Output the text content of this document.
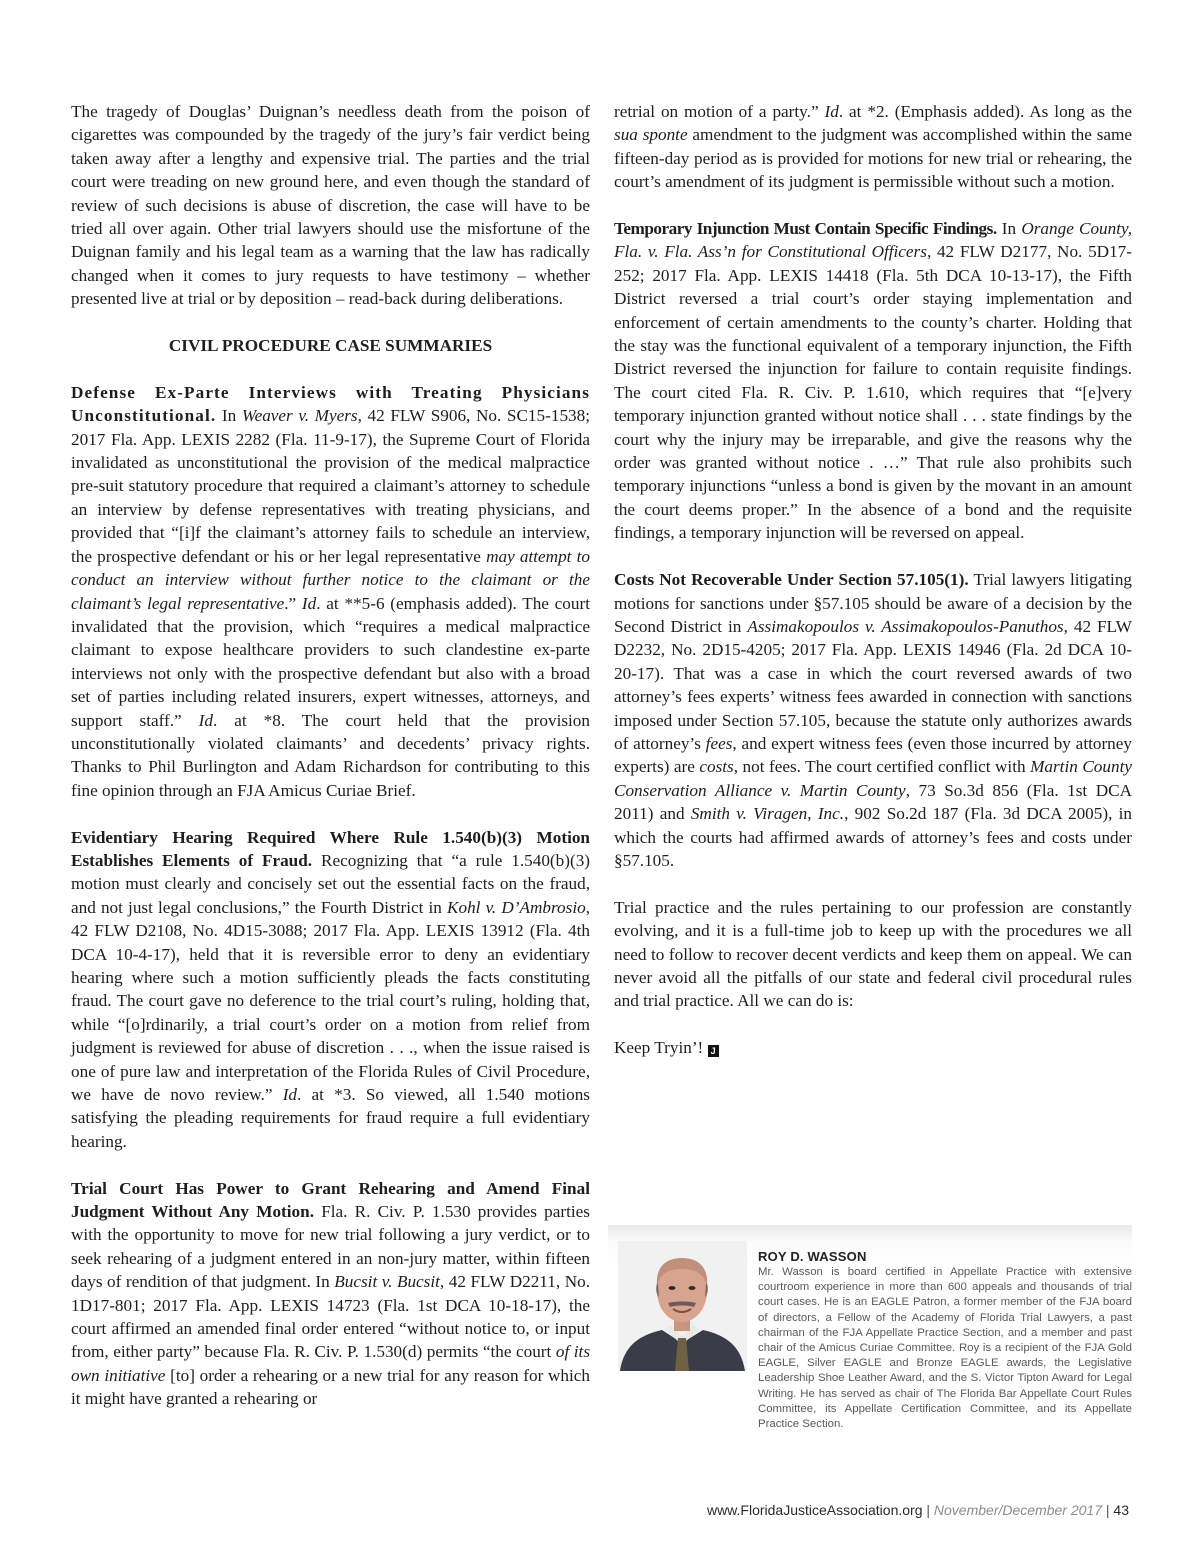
The tragedy of Douglas’ Duignan’s needless death from the poison of cigarettes was compounded by the tragedy of the jury’s fair verdict being taken away after a lengthy and expensive trial. The parties and the trial court were treading on new ground here, and even though the standard of review of such decisions is abuse of discretion, the case will have to be tried all over again. Other trial lawyers should use the misfortune of the Duignan family and his legal team as a warning that the law has radically changed when it comes to jury requests to have testimony – whether presented live at trial or by deposition – read-back during deliberations.

CIVIL PROCEDURE CASE SUMMARIES

Defense Ex-Parte Interviews with Treating Physicians Unconstitutional. In Weaver v. Myers, 42 FLW S906, No. SC15-1538; 2017 Fla. App. LEXIS 2282 (Fla. 11-9-17), the Supreme Court of Florida invalidated as unconstitutional the provision of the medical malpractice pre-suit statutory procedure that required a claimant’s attorney to schedule an interview by defense representatives with treating physicians, and provided that “[i]f the claimant’s attorney fails to schedule an interview, the prospective defendant or his or her legal representative may attempt to conduct an interview without further notice to the claimant or the claimant’s legal representative.” Id. at **5-6 (emphasis added). The court invalidated that the provision, which “requires a medical malpractice claimant to expose healthcare providers to such clandestine ex-parte interviews not only with the prospective defendant but also with a broad set of parties including related insurers, expert witnesses, attorneys, and support staff.” Id. at *8. The court held that the provision unconstitutionally violated claimants’ and decedents’ privacy rights. Thanks to Phil Burlington and Adam Richardson for contributing to this fine opinion through an FJA Amicus Curiae Brief.

Evidentiary Hearing Required Where Rule 1.540(b)(3) Motion Establishes Elements of Fraud. Recognizing that “a rule 1.540(b)(3) motion must clearly and concisely set out the essential facts on the fraud, and not just legal conclusions,” the Fourth District in Kohl v. D’Ambrosio, 42 FLW D2108, No. 4D15-3088; 2017 Fla. App. LEXIS 13912 (Fla. 4th DCA 10-4-17), held that it is reversible error to deny an evidentiary hearing where such a motion sufficiently pleads the facts constituting fraud. The court gave no deference to the trial court’s ruling, holding that, while “[o]rdinarily, a trial court’s order on a motion from relief from judgment is reviewed for abuse of discretion . . ., when the issue raised is one of pure law and interpretation of the Florida Rules of Civil Procedure, we have de novo review.” Id. at *3. So viewed, all 1.540 motions satisfying the pleading requirements for fraud require a full evidentiary hearing.

Trial Court Has Power to Grant Rehearing and Amend Final Judgment Without Any Motion. Fla. R. Civ. P. 1.530 provides parties with the opportunity to move for new trial following a jury verdict, or to seek rehearing of a judgment entered in an non-jury matter, within fifteen days of rendition of that judgment. In Bucsit v. Bucsit, 42 FLW D2211, No. 1D17-801; 2017 Fla. App. LEXIS 14723 (Fla. 1st DCA 10-18-17), the court affirmed an amended final order entered “without notice to, or input from, either party” because Fla. R. Civ. P. 1.530(d) permits “the court of its own initiative [to] order a rehearing or a new trial for any reason for which it might have granted a rehearing or

retrial on motion of a party.” Id. at *2. (Emphasis added). As long as the sua sponte amendment to the judgment was accomplished within the same fifteen-day period as is provided for motions for new trial or rehearing, the court’s amendment of its judgment is permissible without such a motion.

Temporary Injunction Must Contain Specific Findings. In Orange County, Fla. v. Fla. Ass’n for Constitutional Officers, 42 FLW D2177, No. 5D17-252; 2017 Fla. App. LEXIS 14418 (Fla. 5th DCA 10-13-17), the Fifth District reversed a trial court’s order staying implementation and enforcement of certain amendments to the county’s charter. Holding that the stay was the functional equivalent of a temporary injunction, the Fifth District reversed the injunction for failure to contain requisite findings. The court cited Fla. R. Civ. P. 1.610, which requires that “[e]very temporary injunction granted without notice shall . . . state findings by the court why the injury may be irreparable, and give the reasons why the order was granted without notice . …” That rule also prohibits such temporary injunctions “unless a bond is given by the movant in an amount the court deems proper.” In the absence of a bond and the requisite findings, a temporary injunction will be reversed on appeal.

Costs Not Recoverable Under Section 57.105(1). Trial lawyers litigating motions for sanctions under §57.105 should be aware of a decision by the Second District in Assimakopoulos v. Assimakopoulos-Panuthos, 42 FLW D2232, No. 2D15-4205; 2017 Fla. App. LEXIS 14946 (Fla. 2d DCA 10-20-17). That was a case in which the court reversed awards of two attorney’s fees experts’ witness fees awarded in connection with sanctions imposed under Section 57.105, because the statute only authorizes awards of attorney’s fees, and expert witness fees (even those incurred by attorney experts) are costs, not fees. The court certified conflict with Martin County Conservation Alliance v. Martin County, 73 So.3d 856 (Fla. 1st DCA 2011) and Smith v. Viragen, Inc., 902 So.2d 187 (Fla. 3d DCA 2005), in which the courts had affirmed awards of attorney’s fees and costs under §57.105.

Trial practice and the rules pertaining to our profession are constantly evolving, and it is a full-time job to keep up with the procedures we all need to follow to recover decent verdicts and keep them on appeal. We can never avoid all the pitfalls of our state and federal civil procedural rules and trial practice. All we can do is:

Keep Tryin’! J

ROY D. WASSON
Mr. Wasson is board certified in Appellate Practice with extensive courtroom experience in more than 600 appeals and thousands of trial court cases. He is an EAGLE Patron, a former member of the FJA board of directors, a Fellow of the Academy of Florida Trial Lawyers, a past chairman of the FJA Appellate Practice Section, and a member and past chair of the Amicus Curiae Committee. Roy is a recipient of the FJA Gold EAGLE, Silver EAGLE and Bronze EAGLE awards, the Legislative Leadership Shoe Leather Award, and the S. Victor Tipton Award for Legal Writing. He has served as chair of The Florida Bar Appellate Court Rules Committee, its Appellate Certification Committee, and its Appellate Practice Section.
www.FloridaJusticeAssociation.org | November/December 2017 | 43
